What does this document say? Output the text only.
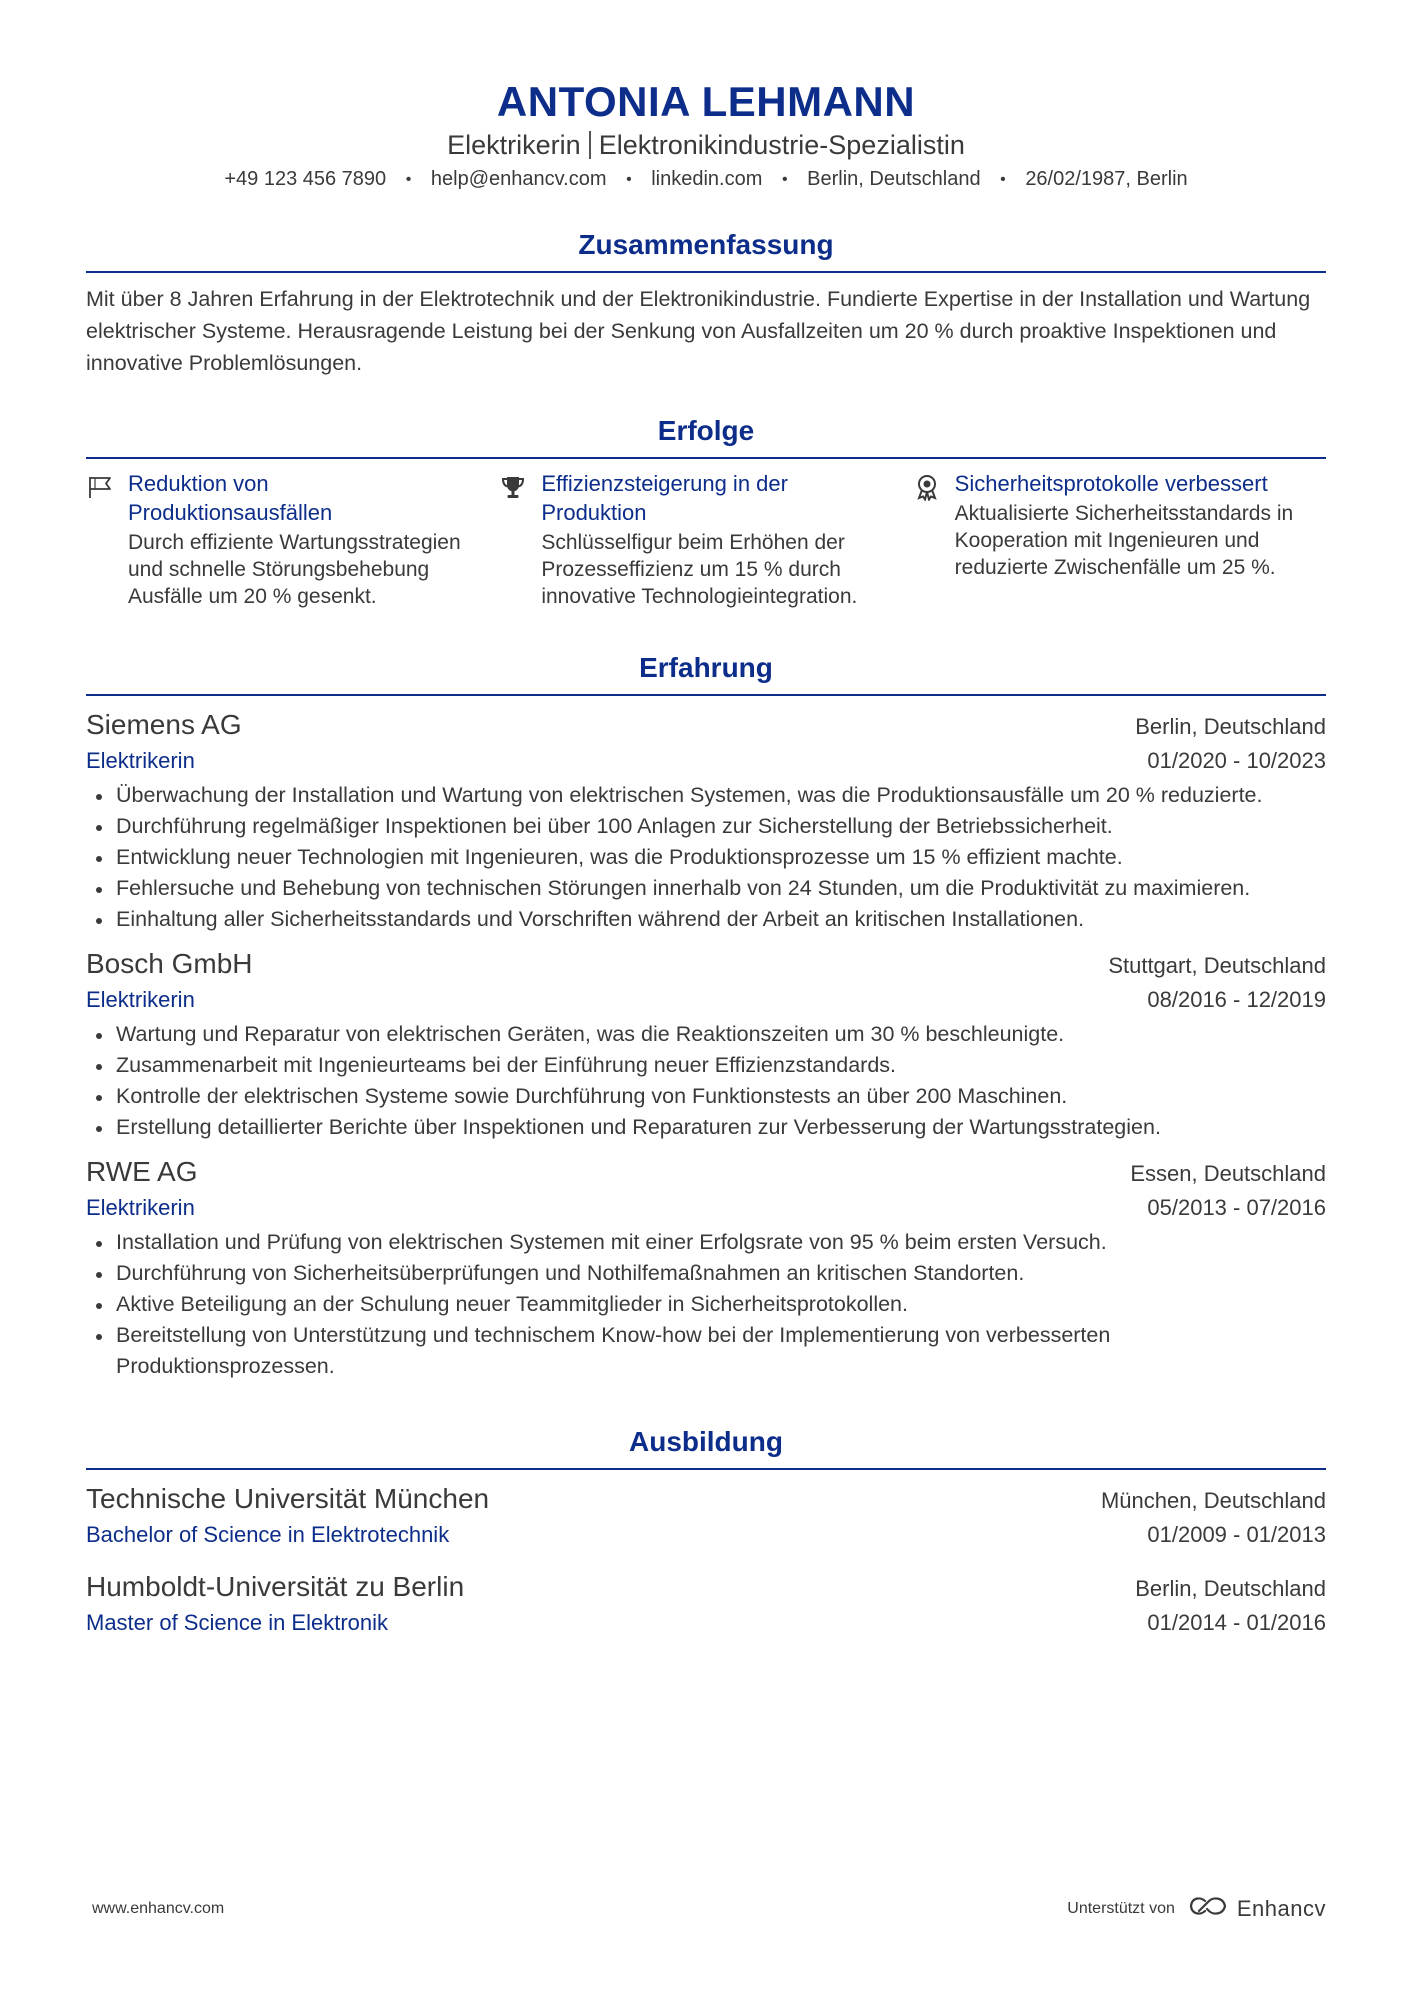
ANTONIA LEHMANN
Elektrikerin Elektronikindustrie-Spezialistin
+49 123 456 7890 • help@enhancv.com • linkedin.com • Berlin, Deutschland • 26/02/1987, Berlin
Zusammenfassung
Mit über 8 Jahren Erfahrung in der Elektrotechnik und der Elektronikindustrie. Fundierte Expertise in der Installation und Wartung elektrischer Systeme. Herausragende Leistung bei der Senkung von Ausfallzeiten um 20 % durch proaktive Inspektionen und innovative Problemlösungen.
Erfolge
Reduktion von Produktionsausfällen
Durch effiziente Wartungsstrategien und schnelle Störungsbehebung Ausfälle um 20 % gesenkt.
Effizienzsteigerung in der Produktion
Schlüsselfigur beim Erhöhen der Prozesseffizienz um 15 % durch innovative Technologieintegration.
Sicherheitsprotokolle verbessert
Aktualisierte Sicherheitsstandards in Kooperation mit Ingenieuren und reduzierte Zwischenfälle um 25 %.
Erfahrung
Siemens AG	Berlin, Deutschland
Elektrikerin	01/2020 - 10/2023
Überwachung der Installation und Wartung von elektrischen Systemen, was die Produktionsausfälle um 20 % reduzierte.
Durchführung regelmäßiger Inspektionen bei über 100 Anlagen zur Sicherstellung der Betriebssicherheit.
Entwicklung neuer Technologien mit Ingenieuren, was die Produktionsprozesse um 15 % effizient machte.
Fehlersuche und Behebung von technischen Störungen innerhalb von 24 Stunden, um die Produktivität zu maximieren.
Einhaltung aller Sicherheitsstandards und Vorschriften während der Arbeit an kritischen Installationen.
Bosch GmbH	Stuttgart, Deutschland
Elektrikerin	08/2016 - 12/2019
Wartung und Reparatur von elektrischen Geräten, was die Reaktionszeiten um 30 % beschleunigte.
Zusammenarbeit mit Ingenieurteams bei der Einführung neuer Effizienzstandards.
Kontrolle der elektrischen Systeme sowie Durchführung von Funktionstests an über 200 Maschinen.
Erstellung detaillierter Berichte über Inspektionen und Reparaturen zur Verbesserung der Wartungsstrategien.
RWE AG	Essen, Deutschland
Elektrikerin	05/2013 - 07/2016
Installation und Prüfung von elektrischen Systemen mit einer Erfolgsrate von 95 % beim ersten Versuch.
Durchführung von Sicherheitsüberprüfungen und Nothilfemaßnahmen an kritischen Standorten.
Aktive Beteiligung an der Schulung neuer Teammitglieder in Sicherheitsprotokollen.
Bereitstellung von Unterstützung und technischem Know-how bei der Implementierung von verbesserten Produktionsprozessen.
Ausbildung
Technische Universität München	München, Deutschland
Bachelor of Science in Elektrotechnik	01/2009 - 01/2013
Humboldt-Universität zu Berlin	Berlin, Deutschland
Master of Science in Elektronik	01/2014 - 01/2016
www.enhancv.com	Unterstützt von	Enhancv
